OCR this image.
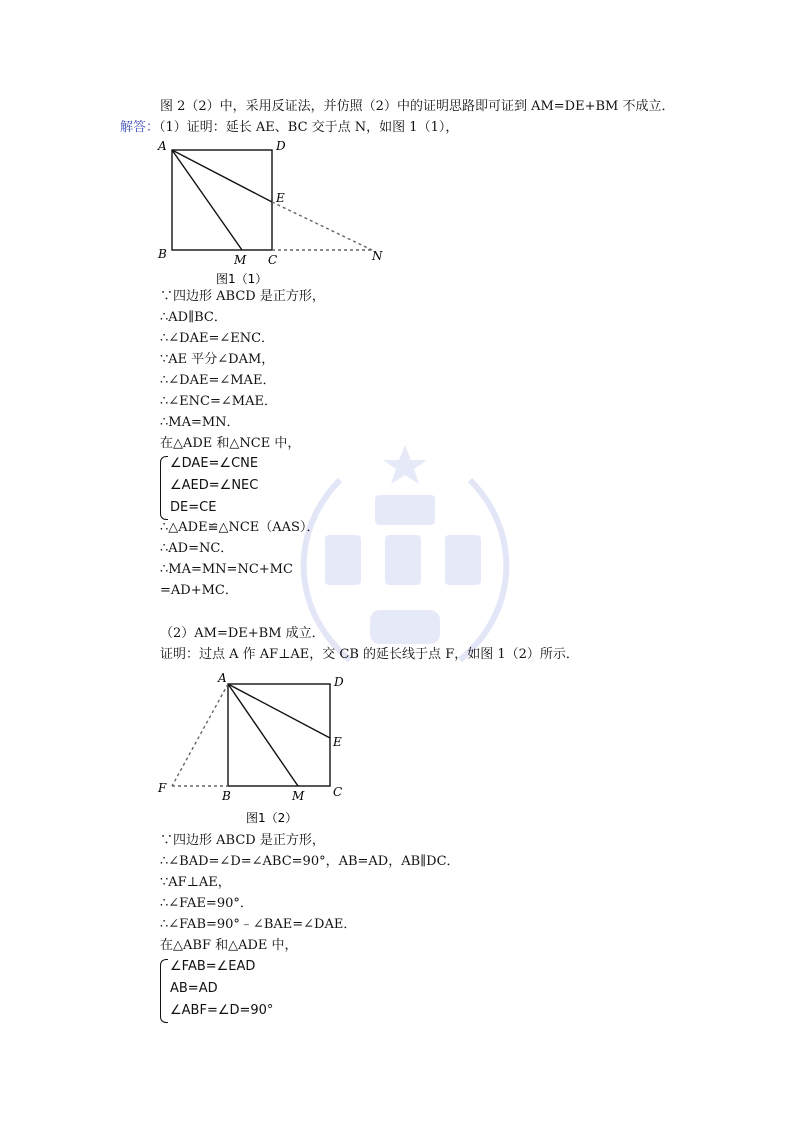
图 2（2）中，采用反证法，并仿照（2）中的证明思路即可证到 AM=DE+BM 不成立．
解答：（1）证明：延长 AE、BC 交于点 N，如图 1（1），
A	D
E
B	M C	N
图1（1）
∵四边形 ABCD 是正方形，
∴AD∥BC．
∴∠DAE=∠ENC．
∵AE 平分∠DAM，
∴∠DAE=∠MAE．
∴∠ENC=∠MAE．
∴MA=MN．
在△ADE 和△NCE 中，
∠DAE=∠CNE
∠AED=∠NEC
DE=CE
∴△ADE≌△NCE（AAS）．
∴AD=NC．
∴MA=MN=NC+MC
=AD+MC．
（2）AM=DE+BM 成立．
证明：过点 A 作 AF⊥AE，交 CB 的延长线于点 F，如图 1（2）所示．
A	D
E
F
B	M C
图1（2）
∵四边形 ABCD 是正方形，
∴∠BAD=∠D=∠ABC=90°，AB=AD，AB∥DC．
∵AF⊥AE，
∴∠FAE=90°．
∴∠FAB=90°﹣∠BAE=∠DAE．
在△ABF 和△ADE 中，
∠FAB=∠EAD
AB=AD
∠ABF=∠D=90°
